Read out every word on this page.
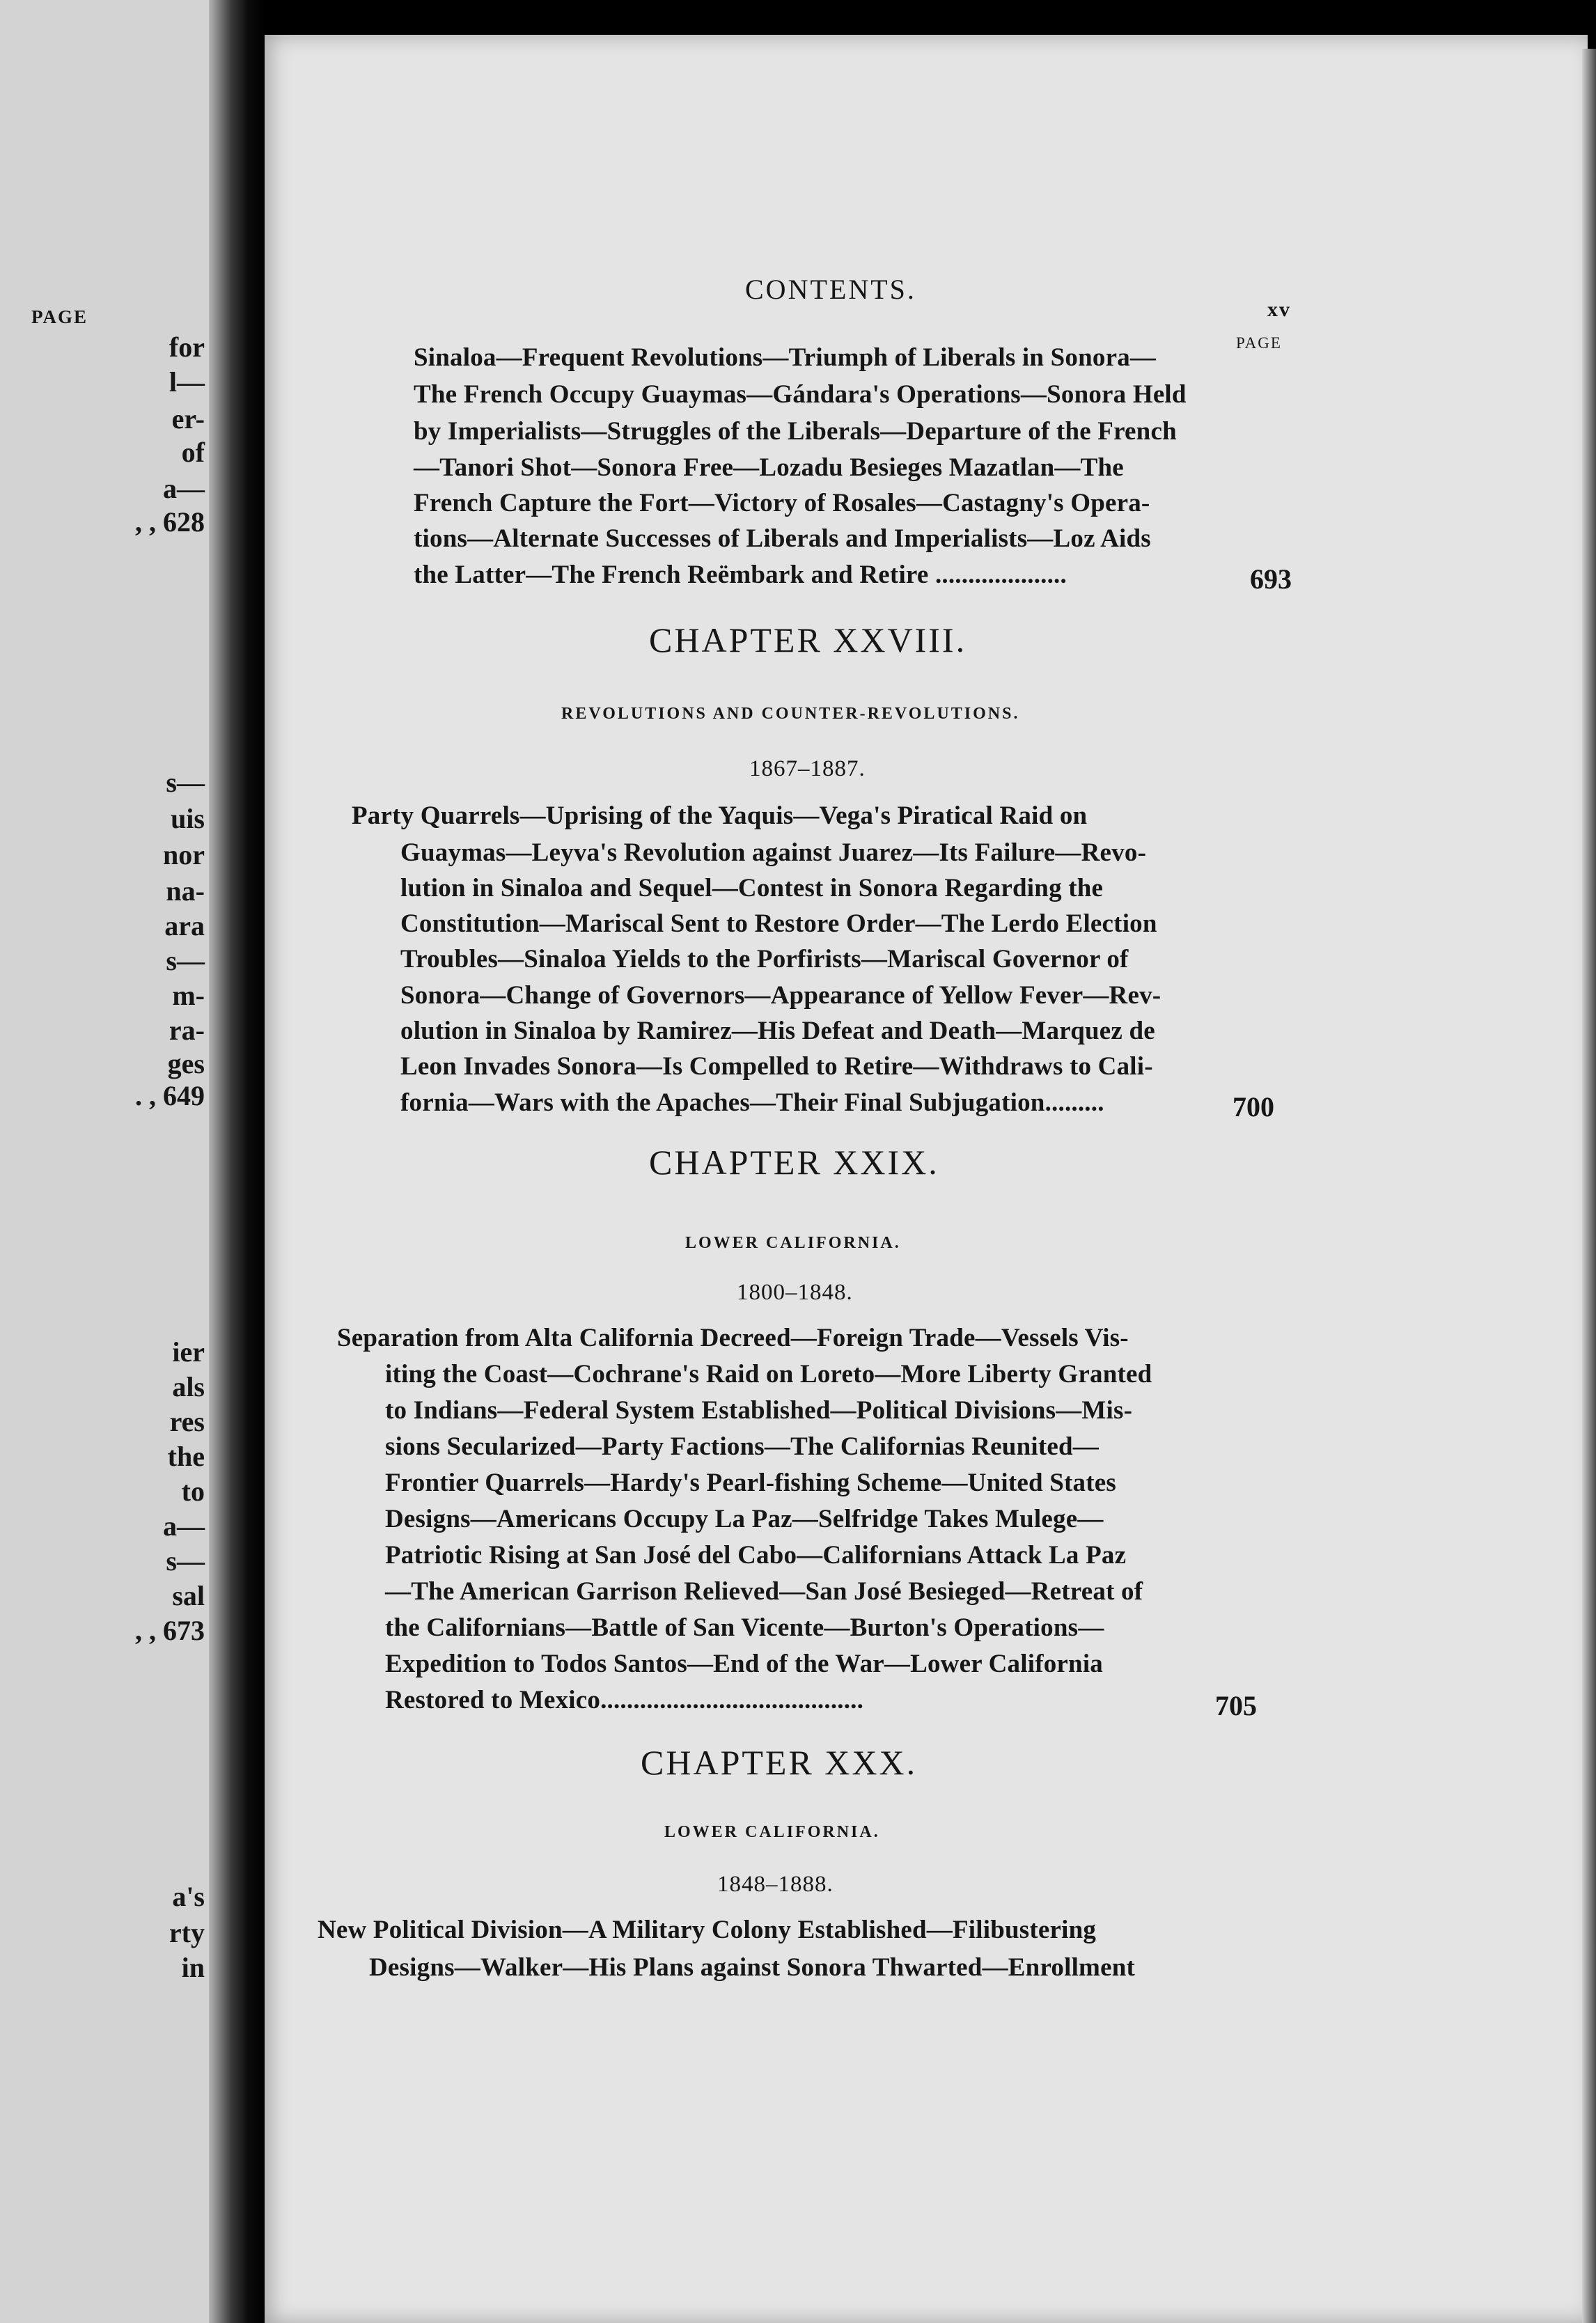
PAGE
for
l—
er-
of
a—
, , 628
s—
uis
nor
na-
ara
s—
m-
ra-
ges
. , 649
ier
als
res
the
to
a—
s—
sal
, , 673
a's
rty
in
CONTENTS.
xv
PAGE
Sinaloa—Frequent Revolutions—Triumph of Liberals in Sonora—
The French Occupy Guaymas—Gándara's Operations—Sonora Held
by Imperialists—Struggles of the Liberals—Departure of the French
—Tanori Shot—Sonora Free—Lozadu Besieges Mazatlan—The
French Capture the Fort—Victory of Rosales—Castagny's Opera-
tions—Alternate Successes of Liberals and Imperialists—Loz Aids
the Latter—The French Reëmbark and Retire ....................	693
CHAPTER XXVIII.
REVOLUTIONS AND COUNTER-REVOLUTIONS.
1867–1887.
Party Quarrels—Uprising of the Yaquis—Vega's Piratical Raid on
Guaymas—Leyva's Revolution against Juarez—Its Failure—Revo-
lution in Sinaloa and Sequel—Contest in Sonora Regarding the
Constitution—Mariscal Sent to Restore Order—The Lerdo Election
Troubles—Sinaloa Yields to the Porfirists—Mariscal Governor of
Sonora—Change of Governors—Appearance of Yellow Fever—Rev-
olution in Sinaloa by Ramirez—His Defeat and Death—Marquez de
Leon Invades Sonora—Is Compelled to Retire—Withdraws to Cali-
fornia—Wars with the Apaches—Their Final Subjugation.........	700
CHAPTER XXIX.
LOWER CALIFORNIA.
1800–1848.
Separation from Alta California Decreed—Foreign Trade—Vessels Vis-
iting the Coast—Cochrane's Raid on Loreto—More Liberty Granted
to Indians—Federal System Established—Political Divisions—Mis-
sions Secularized—Party Factions—The Californias Reunited—
Frontier Quarrels—Hardy's Pearl-fishing Scheme—United States
Designs—Americans Occupy La Paz—Selfridge Takes Mulege—
Patriotic Rising at San José del Cabo—Californians Attack La Paz
—The American Garrison Relieved—San José Besieged—Retreat of
the Californians—Battle of San Vicente—Burton's Operations—
Expedition to Todos Santos—End of the War—Lower California
Restored to Mexico........................................	705
CHAPTER XXX.
LOWER CALIFORNIA.
1848–1888.
New Political Division—A Military Colony Established—Filibustering
Designs—Walker—His Plans against Sonora Thwarted—Enrollment
